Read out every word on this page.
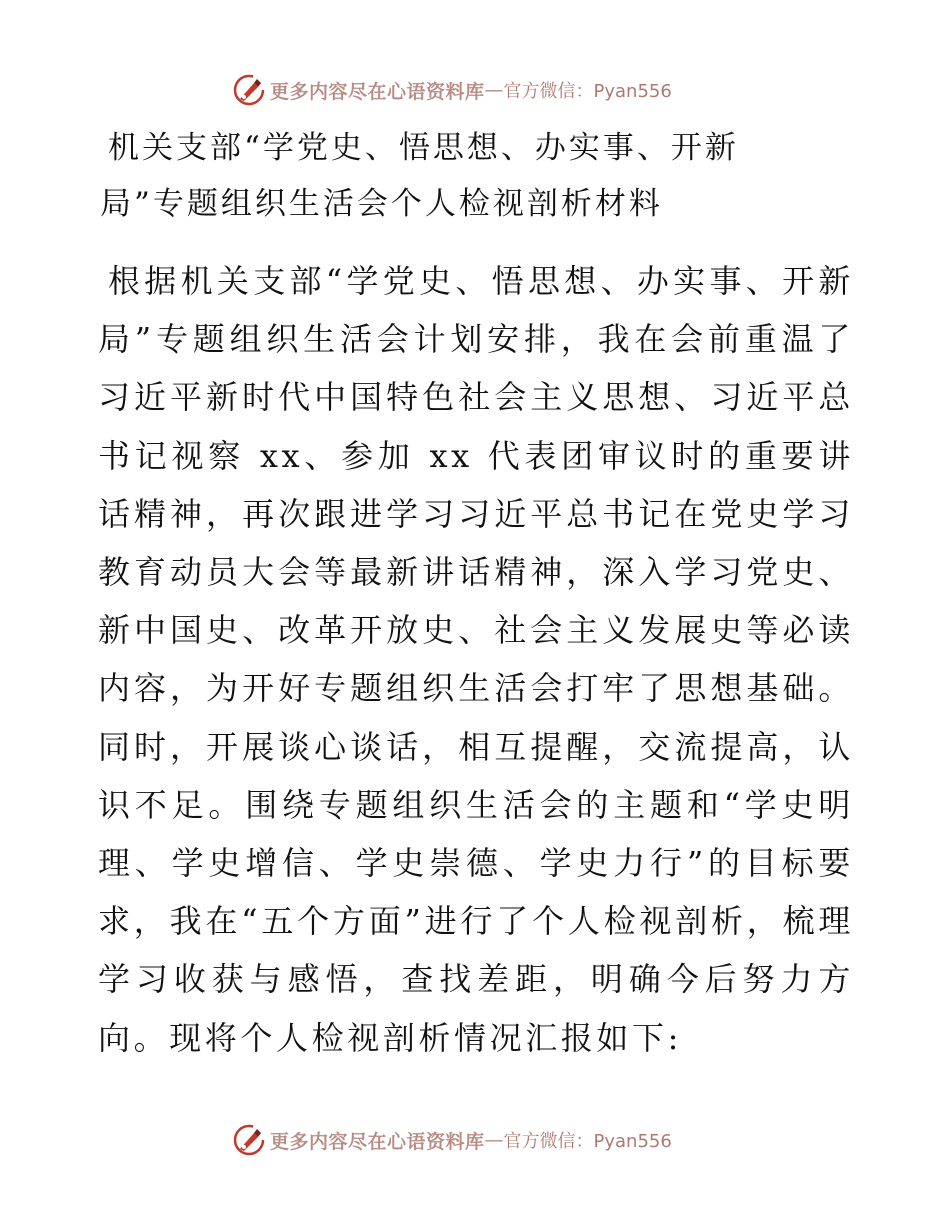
更多内容尽在心语资料库 — 官方微信：Pyan556
机关支部“学党史、悟思想、办实事、开新局”专题组织生活会个人检视剖析材料

根据机关支部“学党史、悟思想、办实事、开新局”专题组织生活会计划安排，我在会前重温了习近平新时代中国特色社会主义思想、习近平总书记视察 xx、参加 xx 代表团审议时的重要讲话精神，再次跟进学习习近平总书记在党史学习教育动员大会等最新讲话精神，深入学习党史、新中国史、改革开放史、社会主义发展史等必读内容，为开好专题组织生活会打牢了思想基础。同时，开展谈心谈话，相互提醒，交流提高，认识不足。围绕专题组织生活会的主题和“学史明理、学史增信、学史崇德、学史力行”的目标要求，我在“五个方面”进行了个人检视剖析，梳理学习收获与感悟，查找差距，明确今后努力方向。现将个人检视剖析情况汇报如下:

更多内容尽在心语资料库 — 官方微信：Pyan556
